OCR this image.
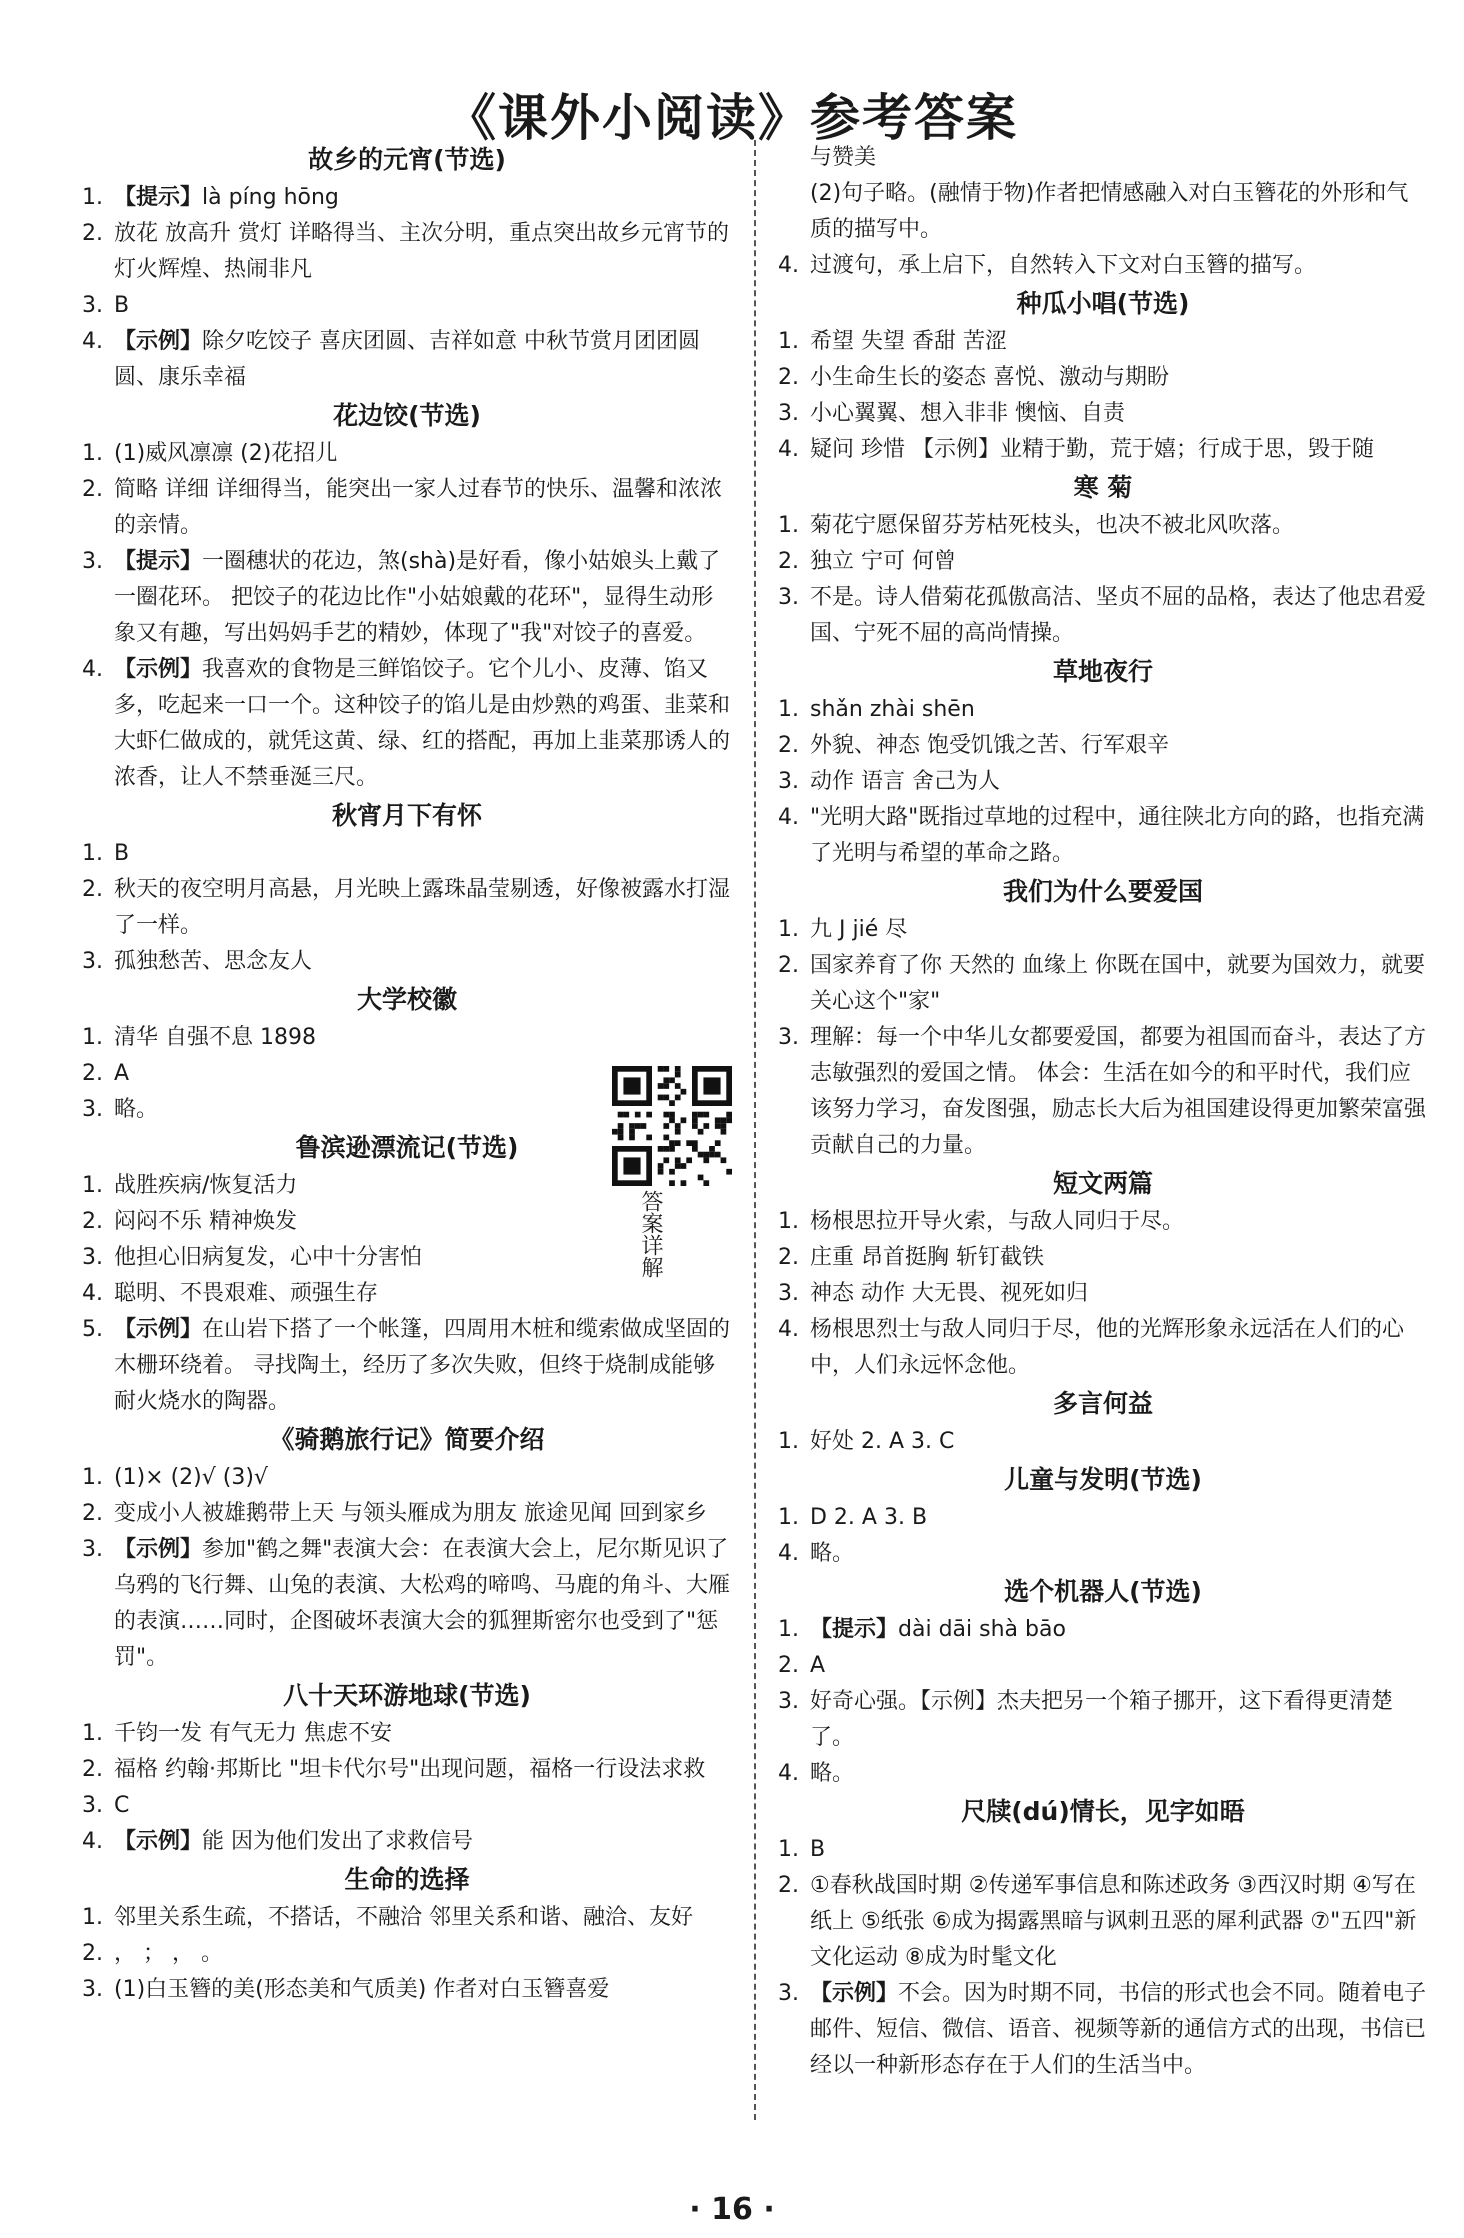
《课外小阅读》参考答案
故乡的元宵(节选)
1. 【提示】là píng hōng
2. 放花 放高升 赏灯 详略得当、主次分明，重点突出故乡元宵节的灯火辉煌、热闹非凡
3. B
4. 【示例】除夕吃饺子 喜庆团圆、吉祥如意 中秋节赏月团团圆圆、康乐幸福
花边饺(节选)
1. (1)威风凛凛 (2)花招儿
2. 简略 详细 详细得当，能突出一家人过春节的快乐、温馨和浓浓的亲情。
3. 【提示】一圈穗状的花边，煞(shà)是好看，像小姑娘头上戴了一圈花环。 把饺子的花边比作"小姑娘戴的花环"，显得生动形象又有趣，写出妈妈手艺的精妙，体现了"我"对饺子的喜爱。
4. 【示例】我喜欢的食物是三鲜馅饺子。它个儿小、皮薄、馅又多，吃起来一口一个。这种饺子的馅儿是由炒熟的鸡蛋、韭菜和大虾仁做成的，就凭这黄、绿、红的搭配，再加上韭菜那诱人的浓香，让人不禁垂涎三尺。
秋宵月下有怀
1. B
2. 秋天的夜空明月高悬，月光映上露珠晶莹剔透，好像被露水打湿了一样。
3. 孤独愁苦、思念友人
大学校徽
1. 清华 自强不息 1898
2. A
3. 略。
鲁滨逊漂流记(节选)
1. 战胜疾病/恢复活力
2. 闷闷不乐 精神焕发
3. 他担心旧病复发，心中十分害怕
4. 聪明、不畏艰难、顽强生存
5. 【示例】在山岩下搭了一个帐篷，四周用木桩和缆索做成坚固的木栅环绕着。 寻找陶土，经历了多次失败，但终于烧制成能够耐火烧水的陶器。
《骑鹅旅行记》简要介绍
1. (1)× (2)√ (3)√
2. 变成小人被雄鹅带上天 与领头雁成为朋友 旅途见闻 回到家乡
3. 【示例】参加"鹤之舞"表演大会：在表演大会上，尼尔斯见识了乌鸦的飞行舞、山兔的表演、大松鸡的啼鸣、马鹿的角斗、大雁的表演……同时，企图破坏表演大会的狐狸斯密尔也受到了"惩罚"。
八十天环游地球(节选)
1. 千钧一发 有气无力 焦虑不安
2. 福格 约翰·邦斯比 "坦卡代尔号"出现问题，福格一行设法求救
3. C
4. 【示例】能 因为他们发出了求救信号
生命的选择
1. 邻里关系生疏，不搭话，不融洽 邻里关系和谐、融洽、友好
2. ， ； ， 。
3. (1)白玉簪的美(形态美和气质美) 作者对白玉簪喜爱
与赞美
(2)句子略。(融情于物)作者把情感融入对白玉簪花的外形和气质的描写中。
4. 过渡句，承上启下，自然转入下文对白玉簪的描写。
种瓜小唱(节选)
1. 希望 失望 香甜 苦涩
2. 小生命生长的姿态 喜悦、激动与期盼
3. 小心翼翼、想入非非 懊恼、自责
4. 疑问 珍惜 【示例】业精于勤，荒于嬉；行成于思，毁于随
寒 菊
1. 菊花宁愿保留芬芳枯死枝头，也决不被北风吹落。
2. 独立 宁可 何曾
3. 不是。诗人借菊花孤傲高洁、坚贞不屈的品格，表达了他忠君爱国、宁死不屈的高尚情操。
草地夜行
1. shǎn zhài shēn
2. 外貌、神态 饱受饥饿之苦、行军艰辛
3. 动作 语言 舍己为人
4. "光明大路"既指过草地的过程中，通往陕北方向的路，也指充满了光明与希望的革命之路。
我们为什么要爱国
1. 九 J jié 尽
2. 国家养育了你 天然的 血缘上 你既在国中，就要为国效力，就要关心这个"家"
3. 理解：每一个中华儿女都要爱国，都要为祖国而奋斗，表达了方志敏强烈的爱国之情。 体会：生活在如今的和平时代，我们应该努力学习，奋发图强，励志长大后为祖国建设得更加繁荣富强贡献自己的力量。
短文两篇
1. 杨根思拉开导火索，与敌人同归于尽。
2. 庄重 昂首挺胸 斩钉截铁
3. 神态 动作 大无畏、视死如归
4. 杨根思烈士与敌人同归于尽，他的光辉形象永远活在人们的心中，人们永远怀念他。
多言何益
1. 好处 2. A 3. C
儿童与发明(节选)
1. D 2. A 3. B
4. 略。
选个机器人(节选)
1. 【提示】dài dāi shà bāo
2. A
3. 好奇心强。【示例】杰夫把另一个箱子挪开，这下看得更清楚了。
4. 略。
尺牍(dú)情长，见字如晤
1. B
2. ①春秋战国时期 ②传递军事信息和陈述政务 ③西汉时期 ④写在纸上 ⑤纸张 ⑥成为揭露黑暗与讽刺丑恶的犀利武器 ⑦"五四"新文化运动 ⑧成为时髦文化
3. 【示例】不会。因为时期不同，书信的形式也会不同。随着电子邮件、短信、微信、语音、视频等新的通信方式的出现，书信已经以一种新形态存在于人们的生活当中。
答案详解
· 16 ·
